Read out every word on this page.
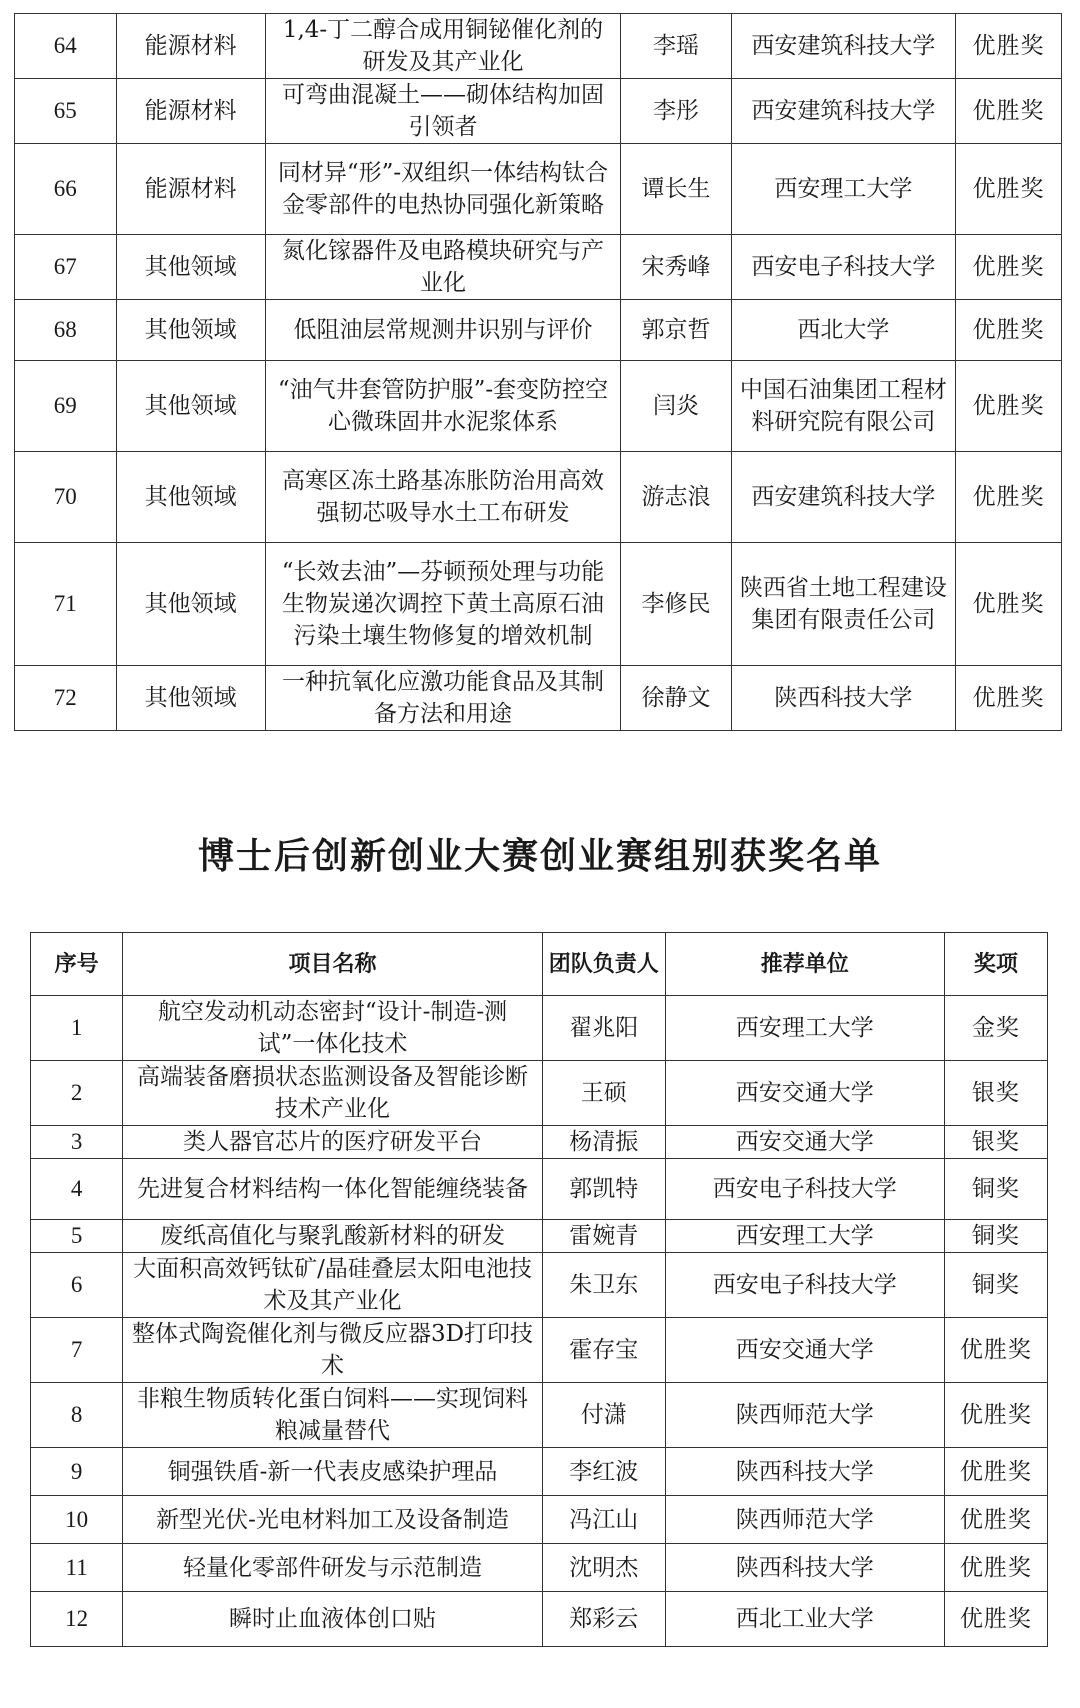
64	能源材料	1,4-丁二醇合成用铜铋催化剂的研发及其产业化	李瑶	西安建筑科技大学	优胜奖
65	能源材料	可弯曲混凝土——砌体结构加固引领者	李彤	西安建筑科技大学	优胜奖
66	能源材料	同材异“形”-双组织一体结构钛合金零部件的电热协同强化新策略	谭长生	西安理工大学	优胜奖
67	其他领域	氮化镓器件及电路模块研究与产业化	宋秀峰	西安电子科技大学	优胜奖
68	其他领域	低阻油层常规测井识别与评价	郭京哲	西北大学	优胜奖
69	其他领域	“油气井套管防护服”-套变防控空心微珠固井水泥浆体系	闫炎	中国石油集团工程材料研究院有限公司	优胜奖
70	其他领域	高寒区冻土路基冻胀防治用高效强韧芯吸导水土工布研发	游志浪	西安建筑科技大学	优胜奖
71	其他领域	“长效去油”—芬顿预处理与功能生物炭递次调控下黄土高原石油污染土壤生物修复的增效机制	李修民	陕西省土地工程建设集团有限责任公司	优胜奖
72	其他领域	一种抗氧化应激功能食品及其制备方法和用途	徐静文	陕西科技大学	优胜奖
博士后创新创业大赛创业赛组别获奖名单
序号	项目名称	团队负责人	推荐单位	奖项
1	航空发动机动态密封“设计-制造-测试”一体化技术	翟兆阳	西安理工大学	金奖
2	高端装备磨损状态监测设备及智能诊断技术产业化	王硕	西安交通大学	银奖
3	类人器官芯片的医疗研发平台	杨清振	西安交通大学	银奖
4	先进复合材料结构一体化智能缠绕装备	郭凯特	西安电子科技大学	铜奖
5	废纸高值化与聚乳酸新材料的研发	雷婉青	西安理工大学	铜奖
6	大面积高效钙钛矿/晶硅叠层太阳电池技术及其产业化	朱卫东	西安电子科技大学	铜奖
7	整体式陶瓷催化剂与微反应器3D打印技术	霍存宝	西安交通大学	优胜奖
8	非粮生物质转化蛋白饲料——实现饲料粮减量替代	付潇	陕西师范大学	优胜奖
9	铜强铁盾-新一代表皮感染护理品	李红波	陕西科技大学	优胜奖
10	新型光伏-光电材料加工及设备制造	冯江山	陕西师范大学	优胜奖
11	轻量化零部件研发与示范制造	沈明杰	陕西科技大学	优胜奖
12	瞬时止血液体创口贴	郑彩云	西北工业大学	优胜奖
